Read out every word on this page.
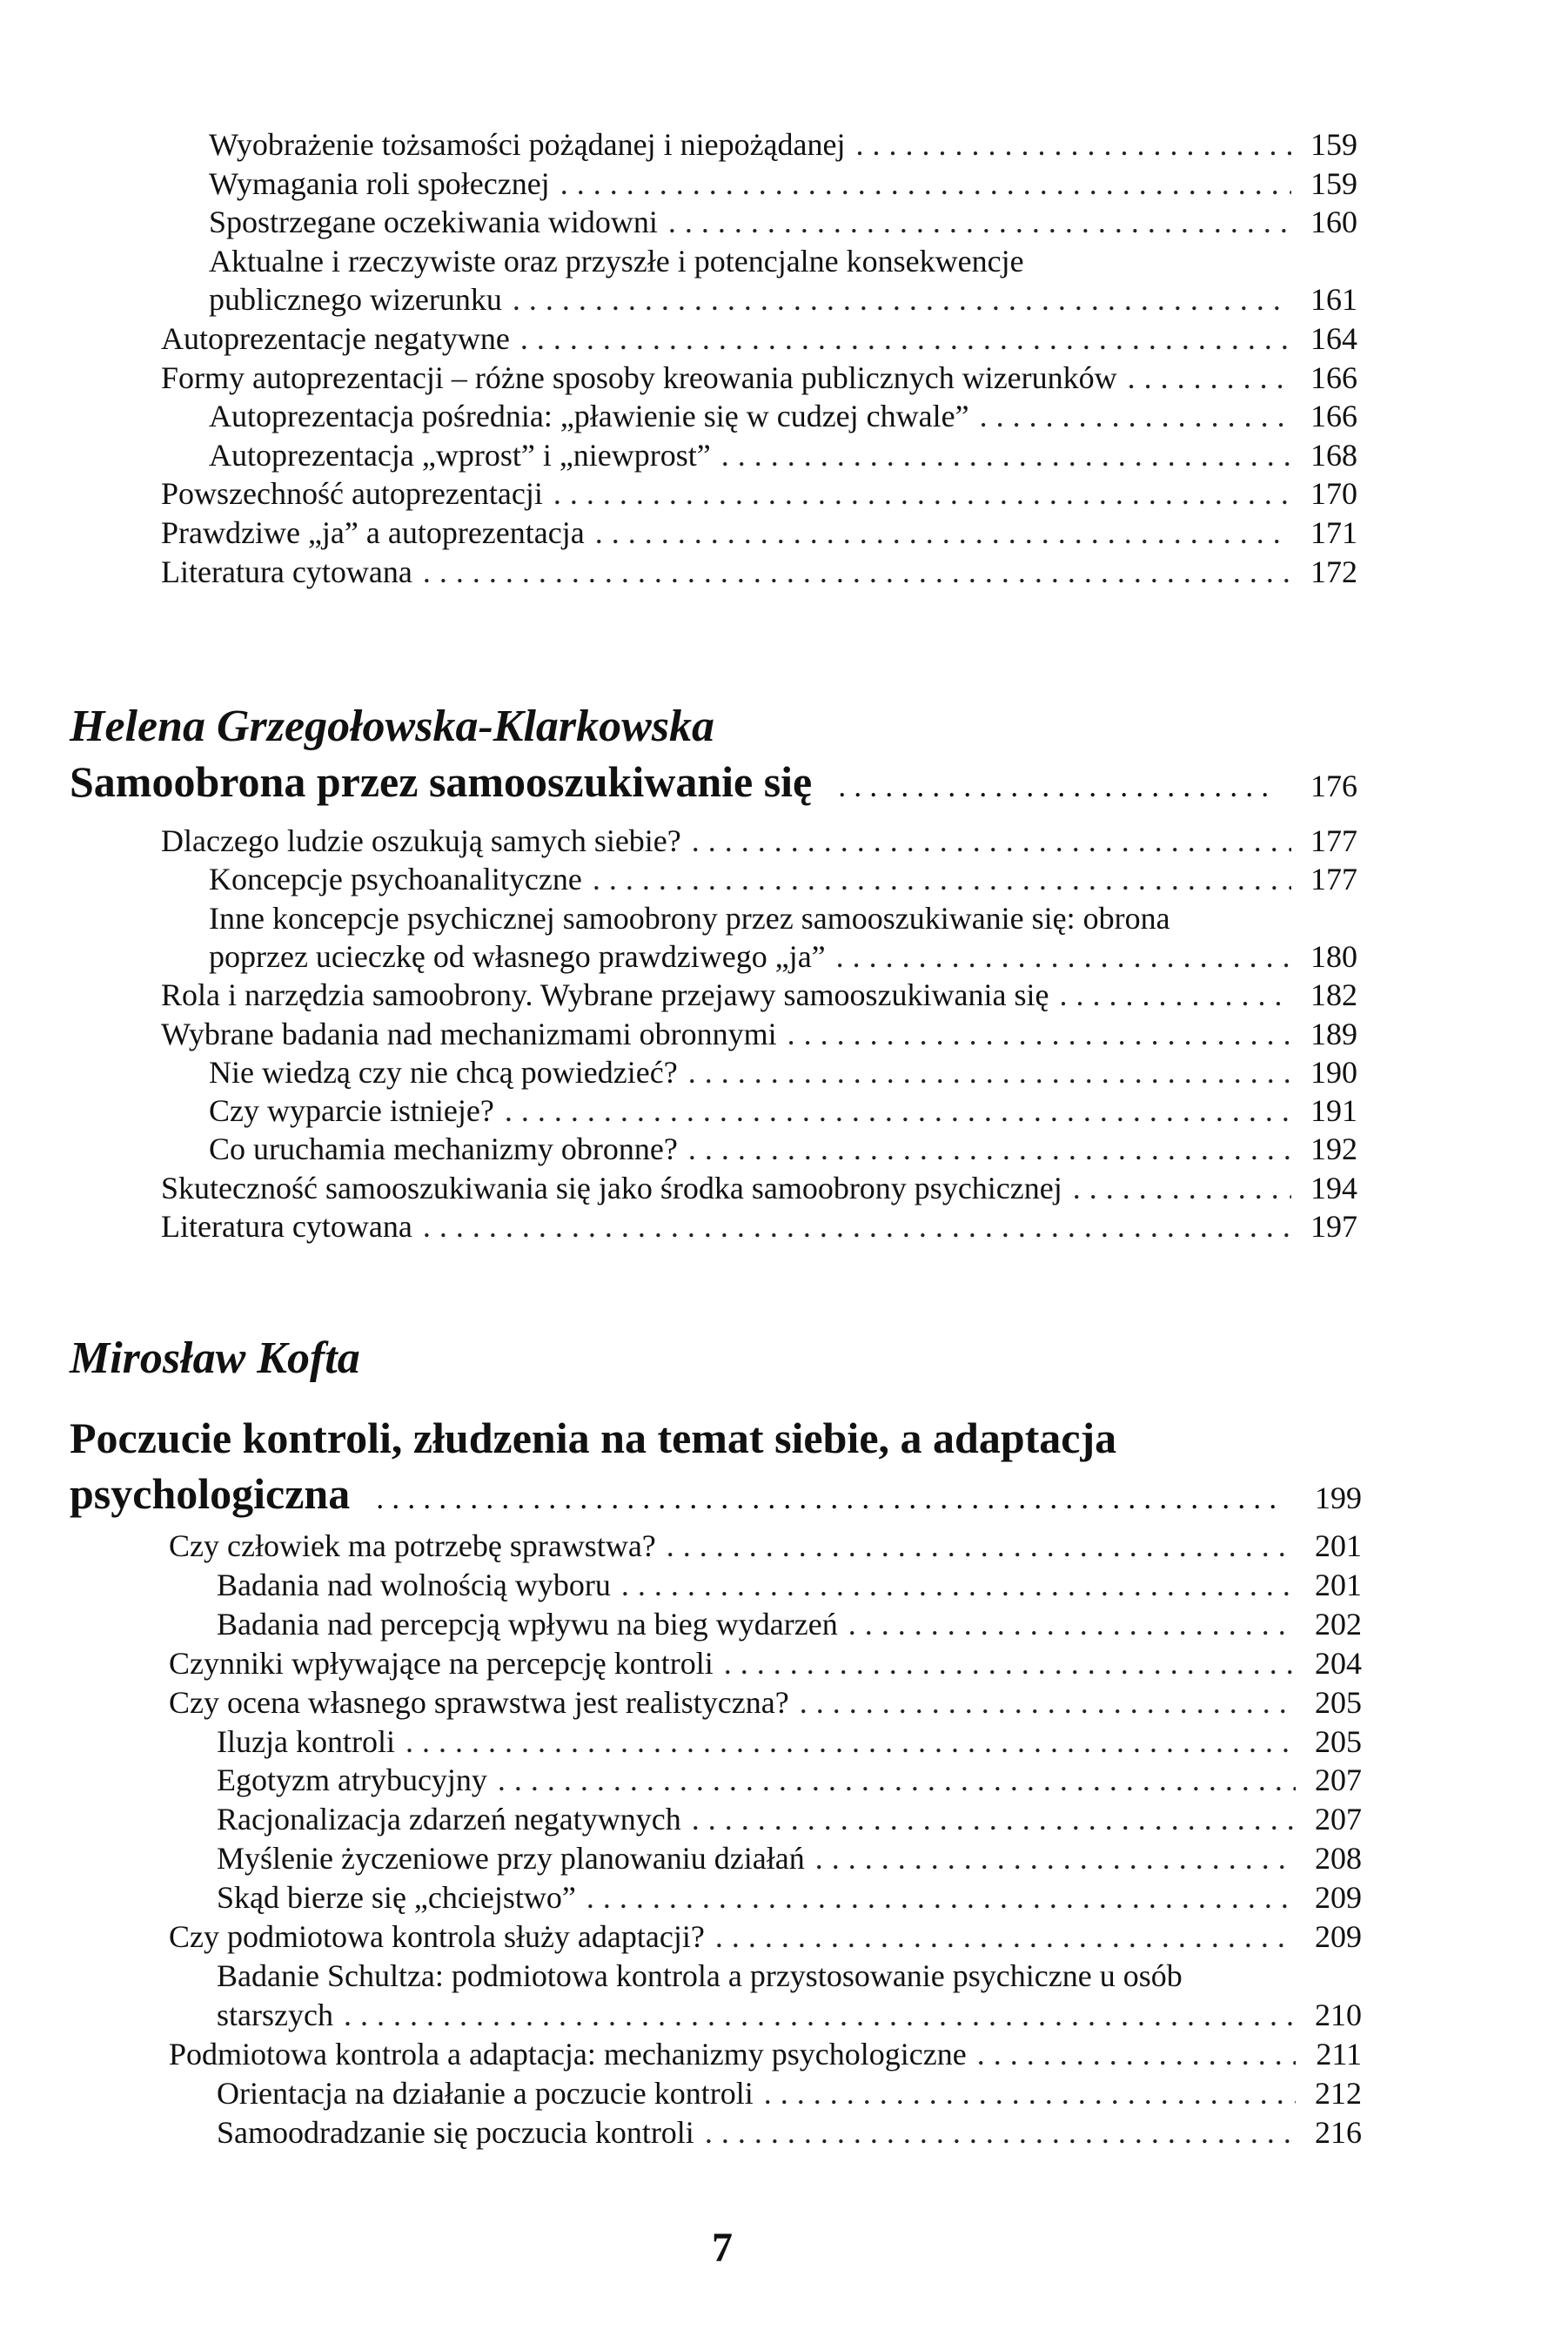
Wyobrażenie tożsamości pożądanej i niepożądanej . . .	159
Wymagania roli społecznej . . .	159
Spostrzegane oczekiwania widowni . . .	160
Aktualne i rzeczywiste oraz przyszłe i potencjalne konsekwencje
publicznego wizerunku . . .	161
Autoprezentacje negatywne . . .	164
Formy autoprezentacji – różne sposoby kreowania publicznych wizerunków . . .	166
Autoprezentacja pośrednia: „pławienie się w cudzej chwale” . . .	166
Autoprezentacja „wprost” i „niewprost” . . .	168
Powszechność autoprezentacji . . .	170
Prawdziwe „ja” a autoprezentacja . . .	171
Literatura cytowana . . .	172
Helena Grzegołowska-Klarkowska
Samoobrona przez samooszukiwanie się . . .	176
Dlaczego ludzie oszukują samych siebie? . . .	177
Koncepcje psychoanalityczne . . .	177
Inne koncepcje psychicznej samoobrony przez samooszukiwanie się: obrona
poprzez ucieczkę od własnego prawdziwego „ja” . . .	180
Rola i narzędzia samoobrony. Wybrane przejawy samooszukiwania się . . .	182
Wybrane badania nad mechanizmami obronnymi . . .	189
Nie wiedzą czy nie chcą powiedzieć? . . .	190
Czy wyparcie istnieje? . . .	191
Co uruchamia mechanizmy obronne? . . .	192
Skuteczność samooszukiwania się jako środka samoobrony psychicznej . . .	194
Literatura cytowana . . .	197
Mirosław Kofta
Poczucie kontroli, złudzenia na temat siebie, a adaptacja
psychologiczna . . .	199
Czy człowiek ma potrzebę sprawstwa? . . .	201
Badania nad wolnością wyboru . . .	201
Badania nad percepcją wpływu na bieg wydarzeń . . .	202
Czynniki wpływające na percepcję kontroli . . .	204
Czy ocena własnego sprawstwa jest realistyczna? . . .	205
Iluzja kontroli . . .	205
Egotyzm atrybucyjny . . .	207
Racjonalizacja zdarzeń negatywnych . . .	207
Myślenie życzeniowe przy planowaniu działań . . .	208
Skąd bierze się „chciejstwo” . . .	209
Czy podmiotowa kontrola służy adaptacji? . . .	209
Badanie Schultza: podmiotowa kontrola a przystosowanie psychiczne u osób
starszych . . .	210
Podmiotowa kontrola a adaptacja: mechanizmy psychologiczne . . .	211
Orientacja na działanie a poczucie kontroli . . .	212
Samoodradzanie się poczucia kontroli . . .	216
7
